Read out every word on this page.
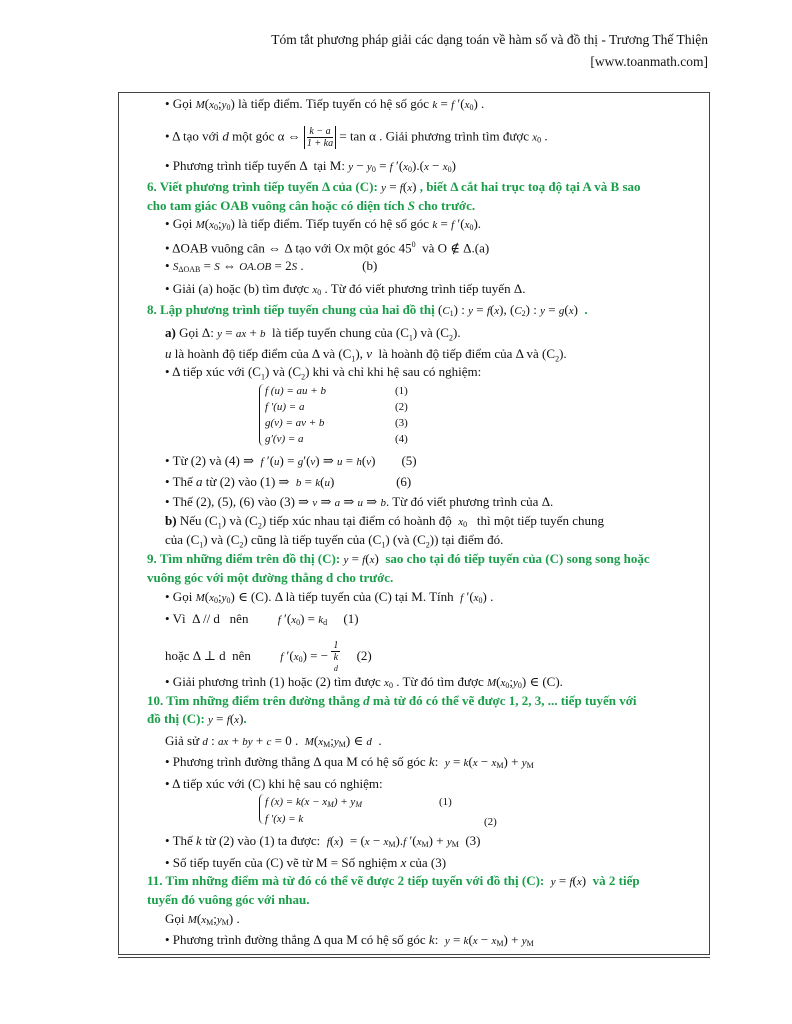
Tóm tắt phương pháp giải các dạng toán về hàm số và đồ thị - Trương Thế Thiện
[www.toanmath.com]
f (u) = au + b	(1)
f ′(u) = a	(2)
g(v) = av + b	(3)
g′(v) = a	(4)
f $(x) = k(x - x_M) + y_M$	(1)
f ′(x) = k	(2)
• Gọi $M(x_0;y_0)$ là tiếp điểm. Tiếp tuyến có hệ số góc k = f $'(x_0)$ .
• Δ tạo với d một góc α ⇔ $\frac{k - a}{1 + ka} = \tan \alpha$ . Giải phương trình tìm được $x_0$ .
• Phương trình tiếp tuyến Δ  tại M: $y - y_0 = f$ $'(x_0).(x - x_0)$
6. Viết phương trình tiếp tuyến Δ của (C): y = f(x) , biết Δ cắt hai trục toạ độ tại A và B sao
cho tam giác OAB vuông cân hoặc có diện tích S cho trước.
• Gọi $M(x_0;y_0)$ là tiếp điểm. Tiếp tuyến có hệ số góc k = f $'(x_0)$.
• ΔOAB vuông cân ⇔ Δ tạo với Ox một góc $45^0$  và O ∉ Δ.(a)
• $S_{\Delta OAB} = S$ ⇔ OA.OB = 2S .                  (b)
• Giải (a) hoặc (b) tìm được $x_0$ . Từ đó viết phương trình tiếp tuyến Δ.
8. Lập phương trình tiếp tuyến chung của hai đồ thị $(C_1)$ : y = f(x), $(C_2)$ : y = g(x)  .
a) Gọi Δ: y = ax + b  là tiếp tuyến chung của $(C_1)$ và $(C_2)$.
u là hoành độ tiếp điểm của Δ và $(C_1)$, v  là hoành độ tiếp điểm của Δ và $(C_2)$.
• Δ tiếp xúc với $(C_1)$ và $(C_2)$ khi và chỉ khi hệ sau có nghiệm:
• Từ (2) và (4) ⇒  f ′(u) = g′(v) ⇒ u = h(v)        (5)
• Thế a từ (2) vào (1) ⇒  b = k(u)                   (6)
• Thế (2), (5), (6) vào (3) ⇒ v ⇒ a ⇒ u ⇒ b. Từ đó viết phương trình của Δ.
b) Nếu $(C_1)$ và $(C_2)$ tiếp xúc nhau tại điểm có hoành độ  $x_0$   thì một tiếp tuyến chung
của $(C_1)$ và $(C_2)$ cũng là tiếp tuyến của $(C_1)$ (và $(C_2)$) tại điểm đó.
9. Tìm những điểm trên đồ thị (C): y = f(x)  sao cho tại đó tiếp tuyến của (C) song song hoặc
vuông góc với một đường thẳng d cho trước.
• Gọi $M(x_0;y_0)$ ∈ (C). Δ là tiếp tuyến của (C) tại M. Tính  f $'(x_0)$ .
• Vì  Δ // d   nên         f $'(x_0) = k_d$     (1)
hoặc Δ ⊥ d  nên         f $'(x_0)$ = − 1
k
d (2)
• Giải phương trình (1) hoặc (2) tìm được $x_0$ . Từ đó tìm được $M(x_0;y_0)$ ∈ (C).
10. Tìm những điểm trên đường thẳng d mà từ đó có thể vẽ được 1, 2, 3, ... tiếp tuyến với
đồ thị (C): y = f(x).
Giả sử d : ax + by + c = 0 .  $M(x_M;y_M)$ ∈ d  .
• Phương trình đường thẳng Δ qua M có hệ số góc k:  $y = k(x - x_M) + y_M$
• Δ tiếp xúc với (C) khi hệ sau có nghiệm:
• Thế k từ (2) vào (1) ta được:  $f(x) = (x - x_M).f$ $'(x_M) + y_M$  (3)
• Số tiếp tuyến của (C) vẽ từ M = Số nghiệm x của (3)
11. Tìm những điểm mà từ đó có thể vẽ được 2 tiếp tuyến với đồ thị (C): y = f(x)  và 2 tiếp
tuyến đó vuông góc với nhau.
Gọi $M(x_M;y_M)$ .
• Phương trình đường thẳng Δ qua M có hệ số góc k:  $y = k(x - x_M) + y_M$
